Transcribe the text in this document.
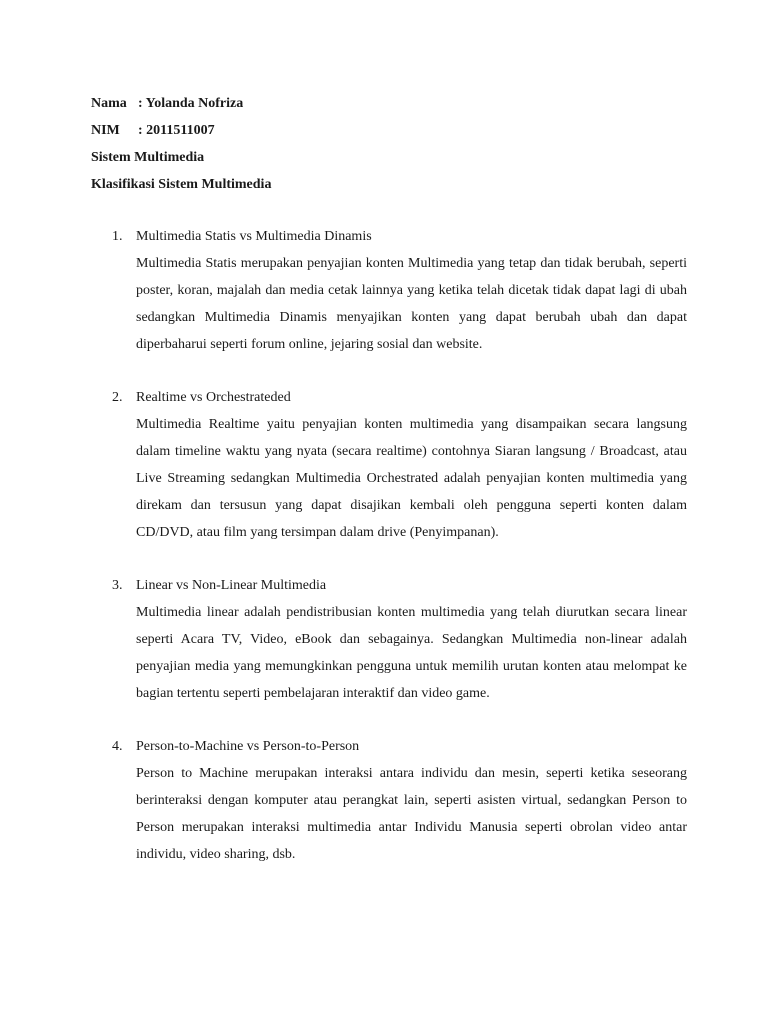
Nama : Yolanda Nofriza
NIM : 2011511007
Sistem Multimedia
Klasifikasi Sistem Multimedia
1. Multimedia Statis vs Multimedia Dinamis
Multimedia Statis merupakan penyajian konten Multimedia yang tetap dan tidak berubah, seperti poster, koran, majalah dan media cetak lainnya yang ketika telah dicetak tidak dapat lagi di ubah sedangkan Multimedia Dinamis menyajikan konten yang dapat berubah ubah dan dapat diperbaharui seperti forum online, jejaring sosial dan website.
2. Realtime vs Orchestrateded
Multimedia Realtime yaitu penyajian konten multimedia yang disampaikan secara langsung dalam timeline waktu yang nyata (secara realtime) contohnya Siaran langsung / Broadcast, atau Live Streaming sedangkan Multimedia Orchestrated adalah penyajian konten multimedia yang direkam dan tersusun yang dapat disajikan kembali oleh pengguna seperti konten dalam CD/DVD, atau film yang tersimpan dalam drive (Penyimpanan).
3. Linear vs Non-Linear Multimedia
Multimedia linear adalah pendistribusian konten multimedia yang telah diurutkan secara linear seperti Acara TV, Video, eBook dan sebagainya. Sedangkan Multimedia non-linear adalah penyajian media yang memungkinkan pengguna untuk memilih urutan konten atau melompat ke bagian tertentu seperti pembelajaran interaktif dan video game.
4. Person-to-Machine vs Person-to-Person
Person to Machine merupakan interaksi antara individu dan mesin, seperti ketika seseorang berinteraksi dengan komputer atau perangkat lain, seperti asisten virtual, sedangkan Person to Person merupakan interaksi multimedia antar Individu Manusia seperti obrolan video antar individu, video sharing, dsb.
